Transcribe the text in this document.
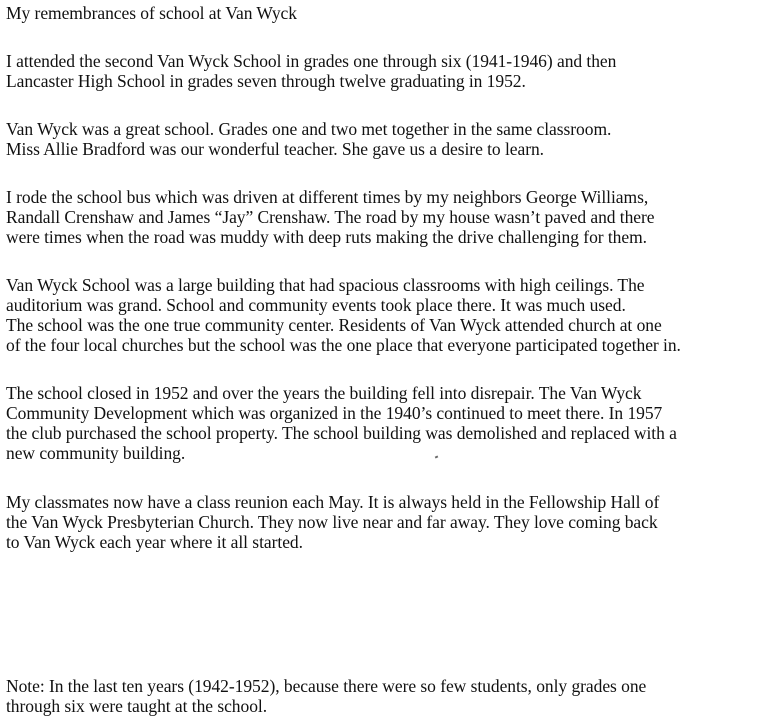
My remembrances of school at Van Wyck
I attended the second Van Wyck School in grades one through six (1941-1946) and then
Lancaster High School in grades seven through twelve graduating in 1952.
Van Wyck was a great school. Grades one and two met together in the same classroom.
Miss Allie Bradford was our wonderful teacher. She gave us a desire to learn.
I rode the school bus which was driven at different times by my neighbors George Williams,
Randall Crenshaw and James “Jay” Crenshaw. The road by my house wasn’t paved and there
were times when the road was muddy with deep ruts making the drive challenging for them.
Van Wyck School was a large building that had spacious classrooms with high ceilings. The
auditorium was grand. School and community events took place there. It was much used.
The school was the one true community center. Residents of Van Wyck attended church at one
of the four local churches but the school was the one place that everyone participated together in.
The school closed in 1952 and over the years the building fell into disrepair. The Van Wyck
Community Development which was organized in the 1940’s continued to meet there. In 1957
the club purchased the school property. The school building was demolished and replaced with a
new community building.
My classmates now have a class reunion each May. It is always held in the Fellowship Hall of
the Van Wyck Presbyterian Church. They now live near and far away. They love coming back
to Van Wyck each year where it all started.
Note: In the last ten years (1942-1952), because there were so few students, only grades one
through six were taught at the school.
